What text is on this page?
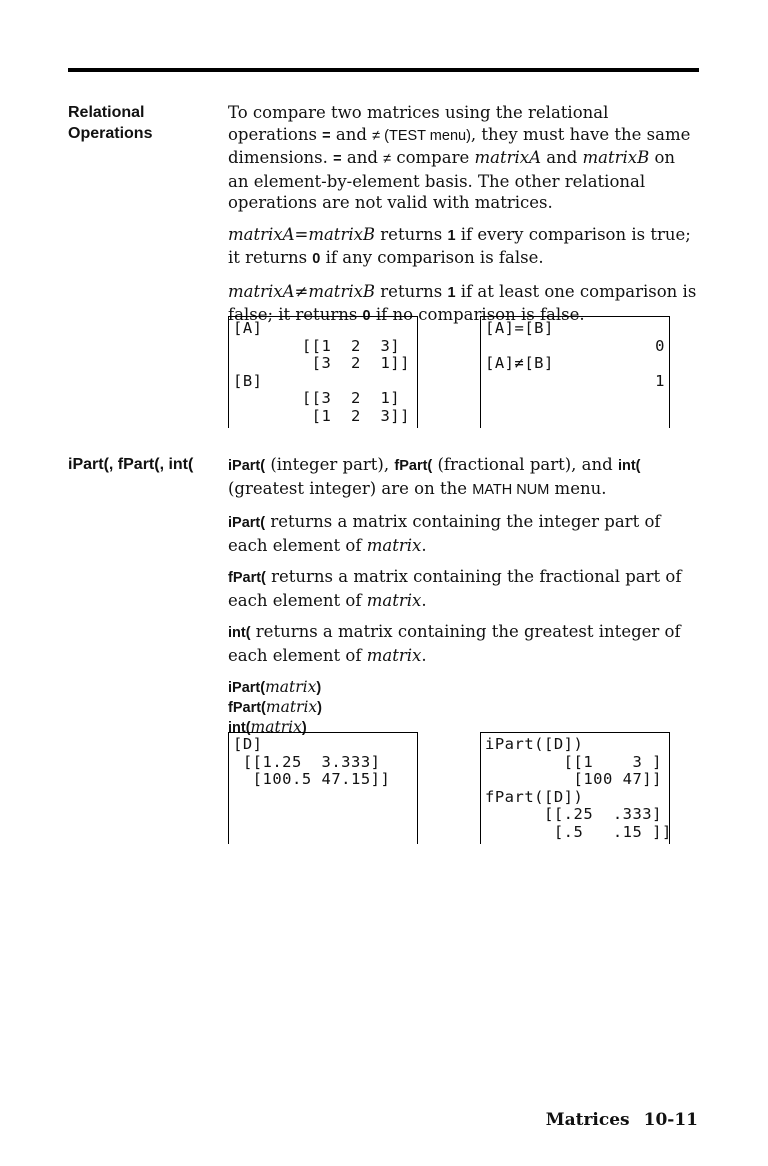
Relational
Operations

To compare two matrices using the relational operations = and ≠ (TEST menu), they must have the same dimensions. = and ≠ compare matrixA and matrixB on an element-by-element basis. The other relational operations are not valid with matrices.

matrixA=matrixB returns 1 if every comparison is true; it returns 0 if any comparison is false.

matrixA≠matrixB returns 1 if at least one comparison is false; it returns 0 if no comparison is false.

[A]
[[1  2  3]
[3  2  1]]
[B]
[[3  2  1]
[1  2  3]]
[A]=[B]
0
[A]≠[B]
1
iPart(, fPart(, int(	iPart( (integer part), fPart( (fractional part), and int( (greatest integer) are on the MATH NUM menu.

iPart( returns a matrix containing the integer part of each element of matrix.

fPart( returns a matrix containing the fractional part of each element of matrix.

int( returns a matrix containing the greatest integer of each element of matrix.

iPart(matrix)
fPart(matrix)
int(matrix)
[D]
[[1.25  3.333]
[100.5 47.15]]
iPart([D])
[[1    3 ]
[100 47]]
fPart([D])
[[.25  .333]
[.5   .15 ]]
Matrices 10-11
